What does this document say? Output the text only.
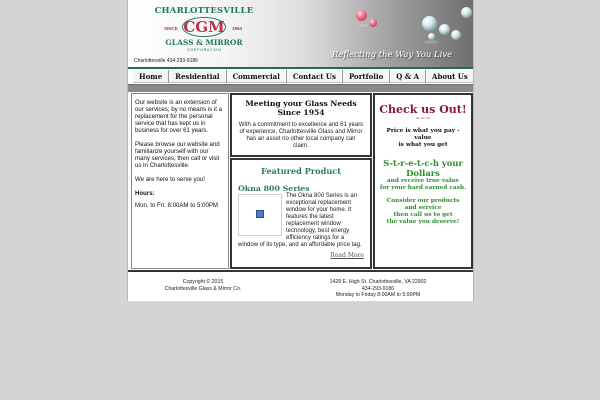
CHARLOTTESVILLE
SINCE CGM 1954
GLASS & MIRROR
CORPORATION
Charlottesville 434-293-9186
Reflecting the Way You Live
Home	Residential	Commercial	Contact Us	Portfolio	Q & A	About Us

Our website is an extension of our services; by no means is it a replacement for the personal service that has kept us in business for over 61 years.

Please browse our website and familiarize yourself with our many services, then call or visit us in Charlottesville.

We are here to serve you!

Hours:

Mon. to Fri. 8:00AM to 5:00PM

Meeting your Glass Needs Since 1954
With a commitment to excellence and 61 years of experience, Charlottesville Glass and Mirror has an asset no other local company can claim.
Featured Product
Okna 800 Series
The Okna 800 Series is an exceptional replacement window for your home. It features the latest replacement window technology, best energy efficiency ratings for a window of its type, and an affordable price tag.
Read More
Check us Out!
~~~
Price is what you pay - value
is what you get
S-t-r-e-t-c-h your Dollars
and receive true value
for your hard earned cash.
Consider our products
and service
then call us to get
the value you deserve!
Copyright © 2015
Charlottesville Glass & Mirror Co.
1428 E. High St. Charlottesville, VA 22902
434-293-9186
Monday to Friday 8:00AM to 5:00PM
